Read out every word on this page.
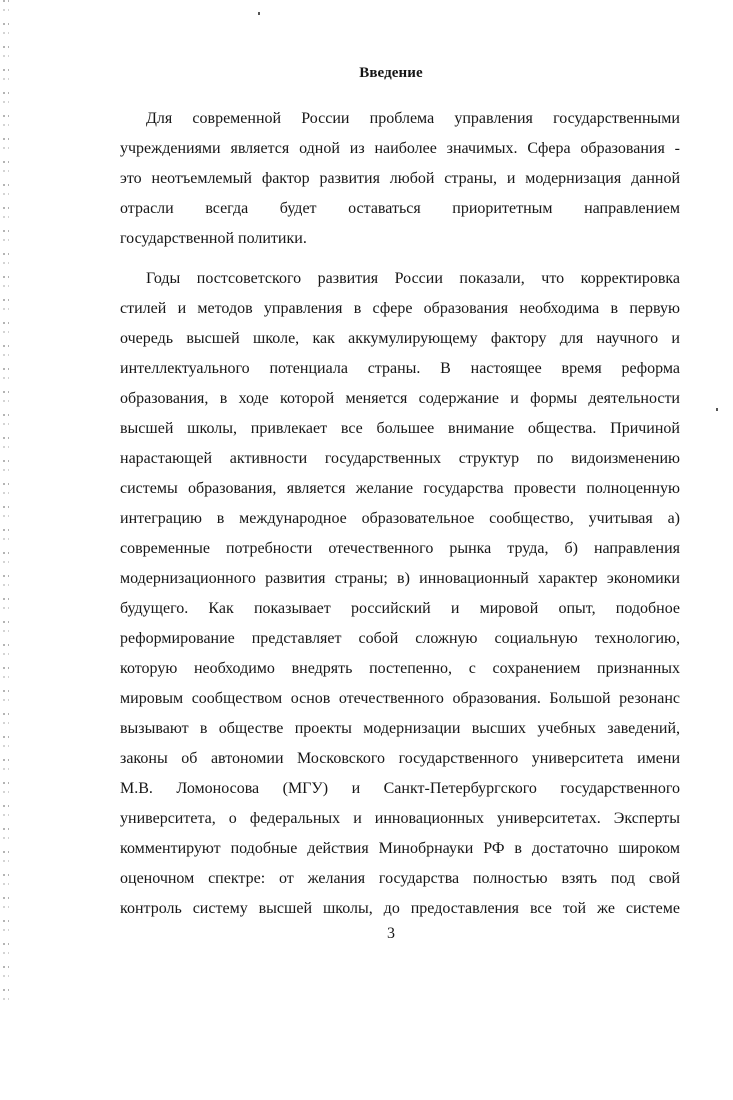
Введение
Для современной России проблема управления государственными
учреждениями является одной из наиболее значимых. Сфера образования -
это неотъемлемый фактор развития любой страны, и модернизация данной
отрасли всегда будет оставаться приоритетным направлением
государственной политики.
Годы постсоветского развития России показали, что корректировка
стилей и методов управления в сфере образования необходима в первую
очередь высшей школе, как аккумулирующему фактору для научного и
интеллектуального потенциала страны. В настоящее время реформа
образования, в ходе которой меняется содержание и формы деятельности
высшей школы, привлекает все большее внимание общества. Причиной
нарастающей активности государственных структур по видоизменению
системы образования, является желание государства провести полноценную
интеграцию в международное образовательное сообщество, учитывая а)
современные потребности отечественного рынка труда, б) направления
модернизационного развития страны; в) инновационный характер экономики
будущего. Как показывает российский и мировой опыт, подобное
реформирование представляет собой сложную социальную технологию,
которую необходимо внедрять постепенно, с сохранением признанных
мировым сообществом основ отечественного образования. Большой резонанс
вызывают в обществе проекты модернизации высших учебных заведений,
законы об автономии Московского государственного университета имени
М.В. Ломоносова (МГУ) и Санкт-Петербургского государственного
университета, о федеральных и инновационных университетах. Эксперты
комментируют подобные действия Минобрнауки РФ в достаточно широком
оценочном спектре: от желания государства полностью взять под свой
контроль систему высшей школы, до предоставления все той же системе
3
